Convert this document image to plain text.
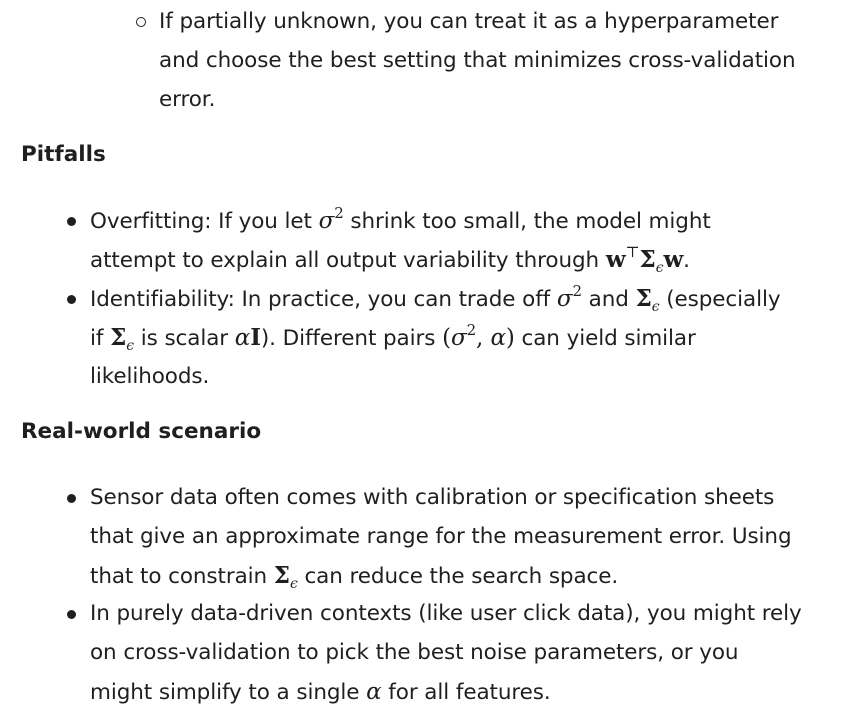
If partially unknown, you can treat it as a hyperparameter
and choose the best setting that minimizes cross-validation
error.
Pitfalls
Overfitting: If you let $\sigma^2$ shrink too small, the model might
attempt to explain all output variability through $w^⊤\Sigma_\epsilon w$.
Identifiability: In practice, you can trade off $\sigma^2$ and $\Sigma_\epsilon$ (especially
if $\Sigma_\epsilon$ is scalar αI). Different pairs ($\sigma^2$, α) can yield similar
likelihoods.
Real-world scenario
Sensor data often comes with calibration or specification sheets
that give an approximate range for the measurement error. Using
that to constrain $\Sigma_\epsilon$ can reduce the search space.
In purely data-driven contexts (like user click data), you might rely
on cross-validation to pick the best noise parameters, or you
might simplify to a single α for all features.
